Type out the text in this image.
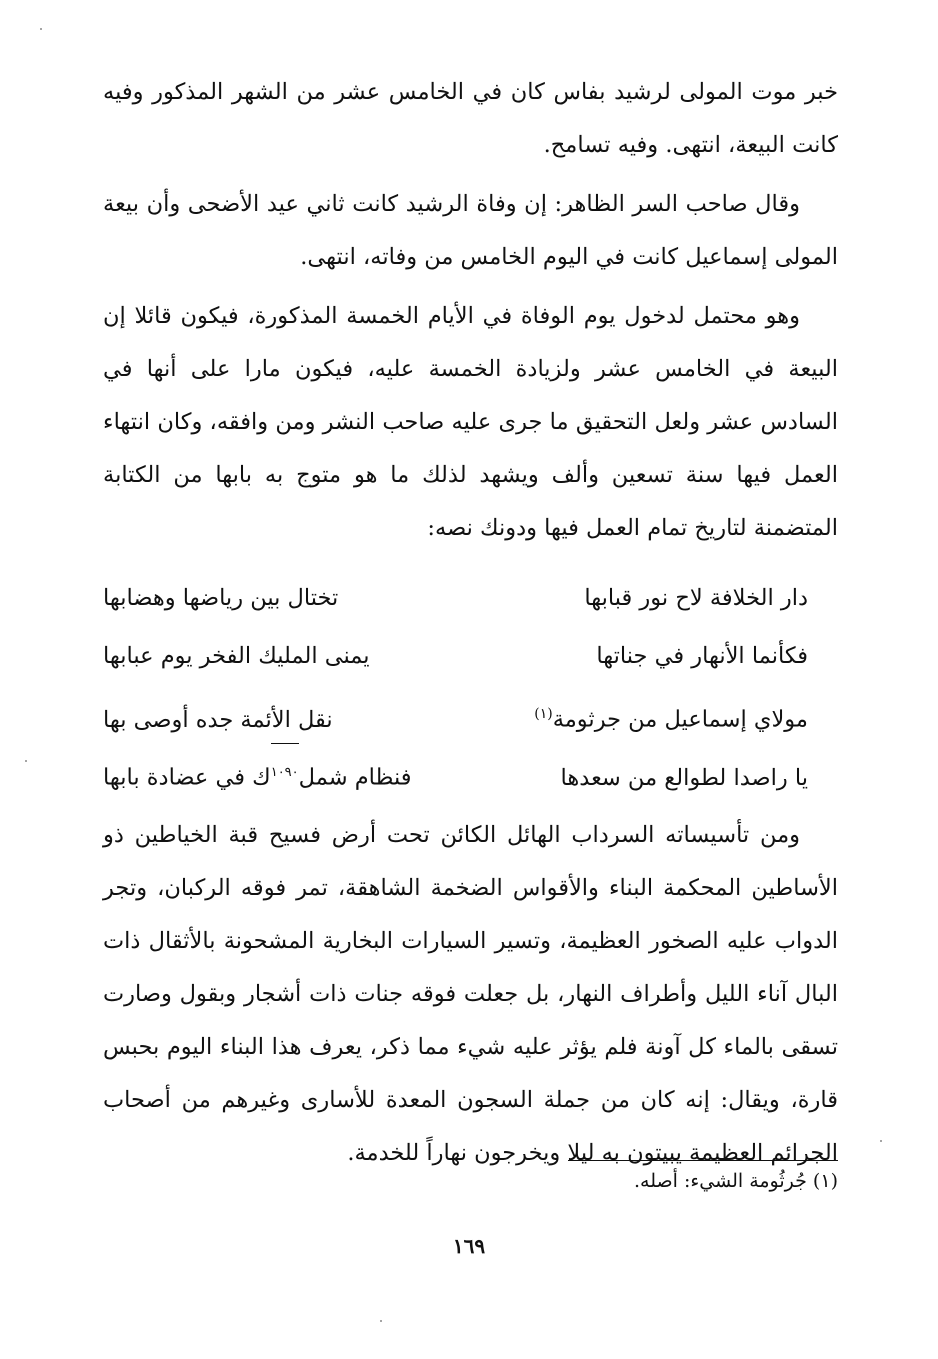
خبر موت المولى لرشيد بفاس كان في الخامس عشر من الشهر المذكور وفيه كانت البيعة، انتهى. وفيه تسامح.

وقال صاحب السر الظاهر: إن وفاة الرشيد كانت ثاني عيد الأضحى وأن بيعة المولى إسماعيل كانت في اليوم الخامس من وفاته، انتهى.

وهو محتمل لدخول يوم الوفاة في الأيام الخمسة المذكورة، فيكون قائلا إن البيعة في الخامس عشر ولزيادة الخمسة عليه، فيكون مارا على أنها في السادس عشر ولعل التحقيق ما جرى عليه صاحب النشر ومن وافقه، وكان انتهاء العمل فيها سنة تسعين وألف ويشهد لذلك ما هو متوج به بابها من الكتابة المتضمنة لتاريخ تمام العمل فيها ودونك نصه:

دار الخلافة لاح نور قبابها
تختال بين رياضها وهضابها
فكأنما الأنهار في جناتها
يمنى المليك الفخر يوم عبابها
مولاي إسماعيل من جرثومة$^{(١)}$
نقل الأئمة جده أوصى بها
يا راصدا لطوالع من سعدها
فنظام شمل$^{١٠٩٠}$ك في عضادة بابها

ومن تأسيساته السرداب الهائل الكائن تحت أرض فسيح قبة الخياطين ذو الأساطين المحكمة البناء والأقواس الضخمة الشاهقة، تمر فوقه الركبان، وتجر الدواب عليه الصخور العظيمة، وتسير السيارات البخارية المشحونة بالأثقال ذات البال آناء الليل وأطراف النهار، بل جعلت فوقه جنات ذات أشجار وبقول وصارت تسقى بالماء كل آونة فلم يؤثر عليه شيء مما ذكر، يعرف هذا البناء اليوم بحبس قارة، ويقال: إنه كان من جملة السجون المعدة للأسارى وغيرهم من أصحاب الجرائم العظيمة يبيتون به ليلا ويخرجون نهاراً للخدمة.

(١) جُرثُومة الشيء: أصله.

١٦٩
